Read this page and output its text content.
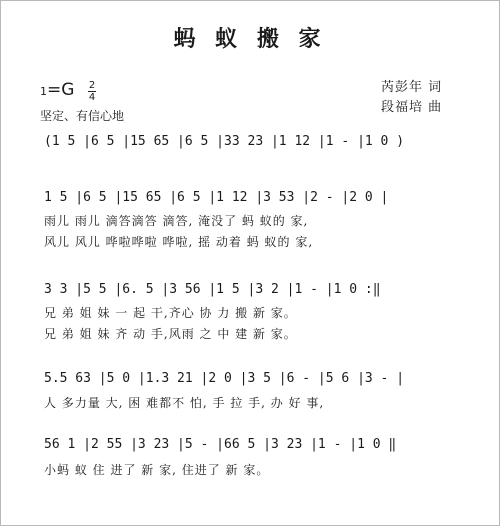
蚂 蚁 搬 家
1=G 2
4
坚定、有信心地
芮彭年 词
段福培 曲
(1 5 |6 5 |15 65 |6 5 |33 23 |1 12 |1 - |1 0 )
1 5 |6 5 |15 65 |6 5 |1 12 |3 53 |2 - |2 0 |
雨儿 雨儿 滴答滴答 滴答, 淹没了 蚂 蚁的 家,
风儿 风儿 哗啦哗啦 哗啦, 摇 动着 蚂 蚁的 家,
3 3 |5 5 |6. 5 |3 56 |1 5 |3 2 |1 - |1 0 :‖
兄 弟 姐 妹 一 起 干,齐心 协 力 搬 新 家。
兄 弟 姐 妹 齐 动 手,风雨 之 中 建 新 家。
5.5 63 |5 0 |1.3 21 |2 0 |3 5 |6 - |5 6 |3 - |
人 多力量 大, 困 难都不 怕, 手 拉 手, 办 好 事,
56 1 |2 55 |3 23 |5 - |66 5 |3 23 |1 - |1 0 ‖
小蚂 蚁 住 进了 新 家, 住进了 新 家。
